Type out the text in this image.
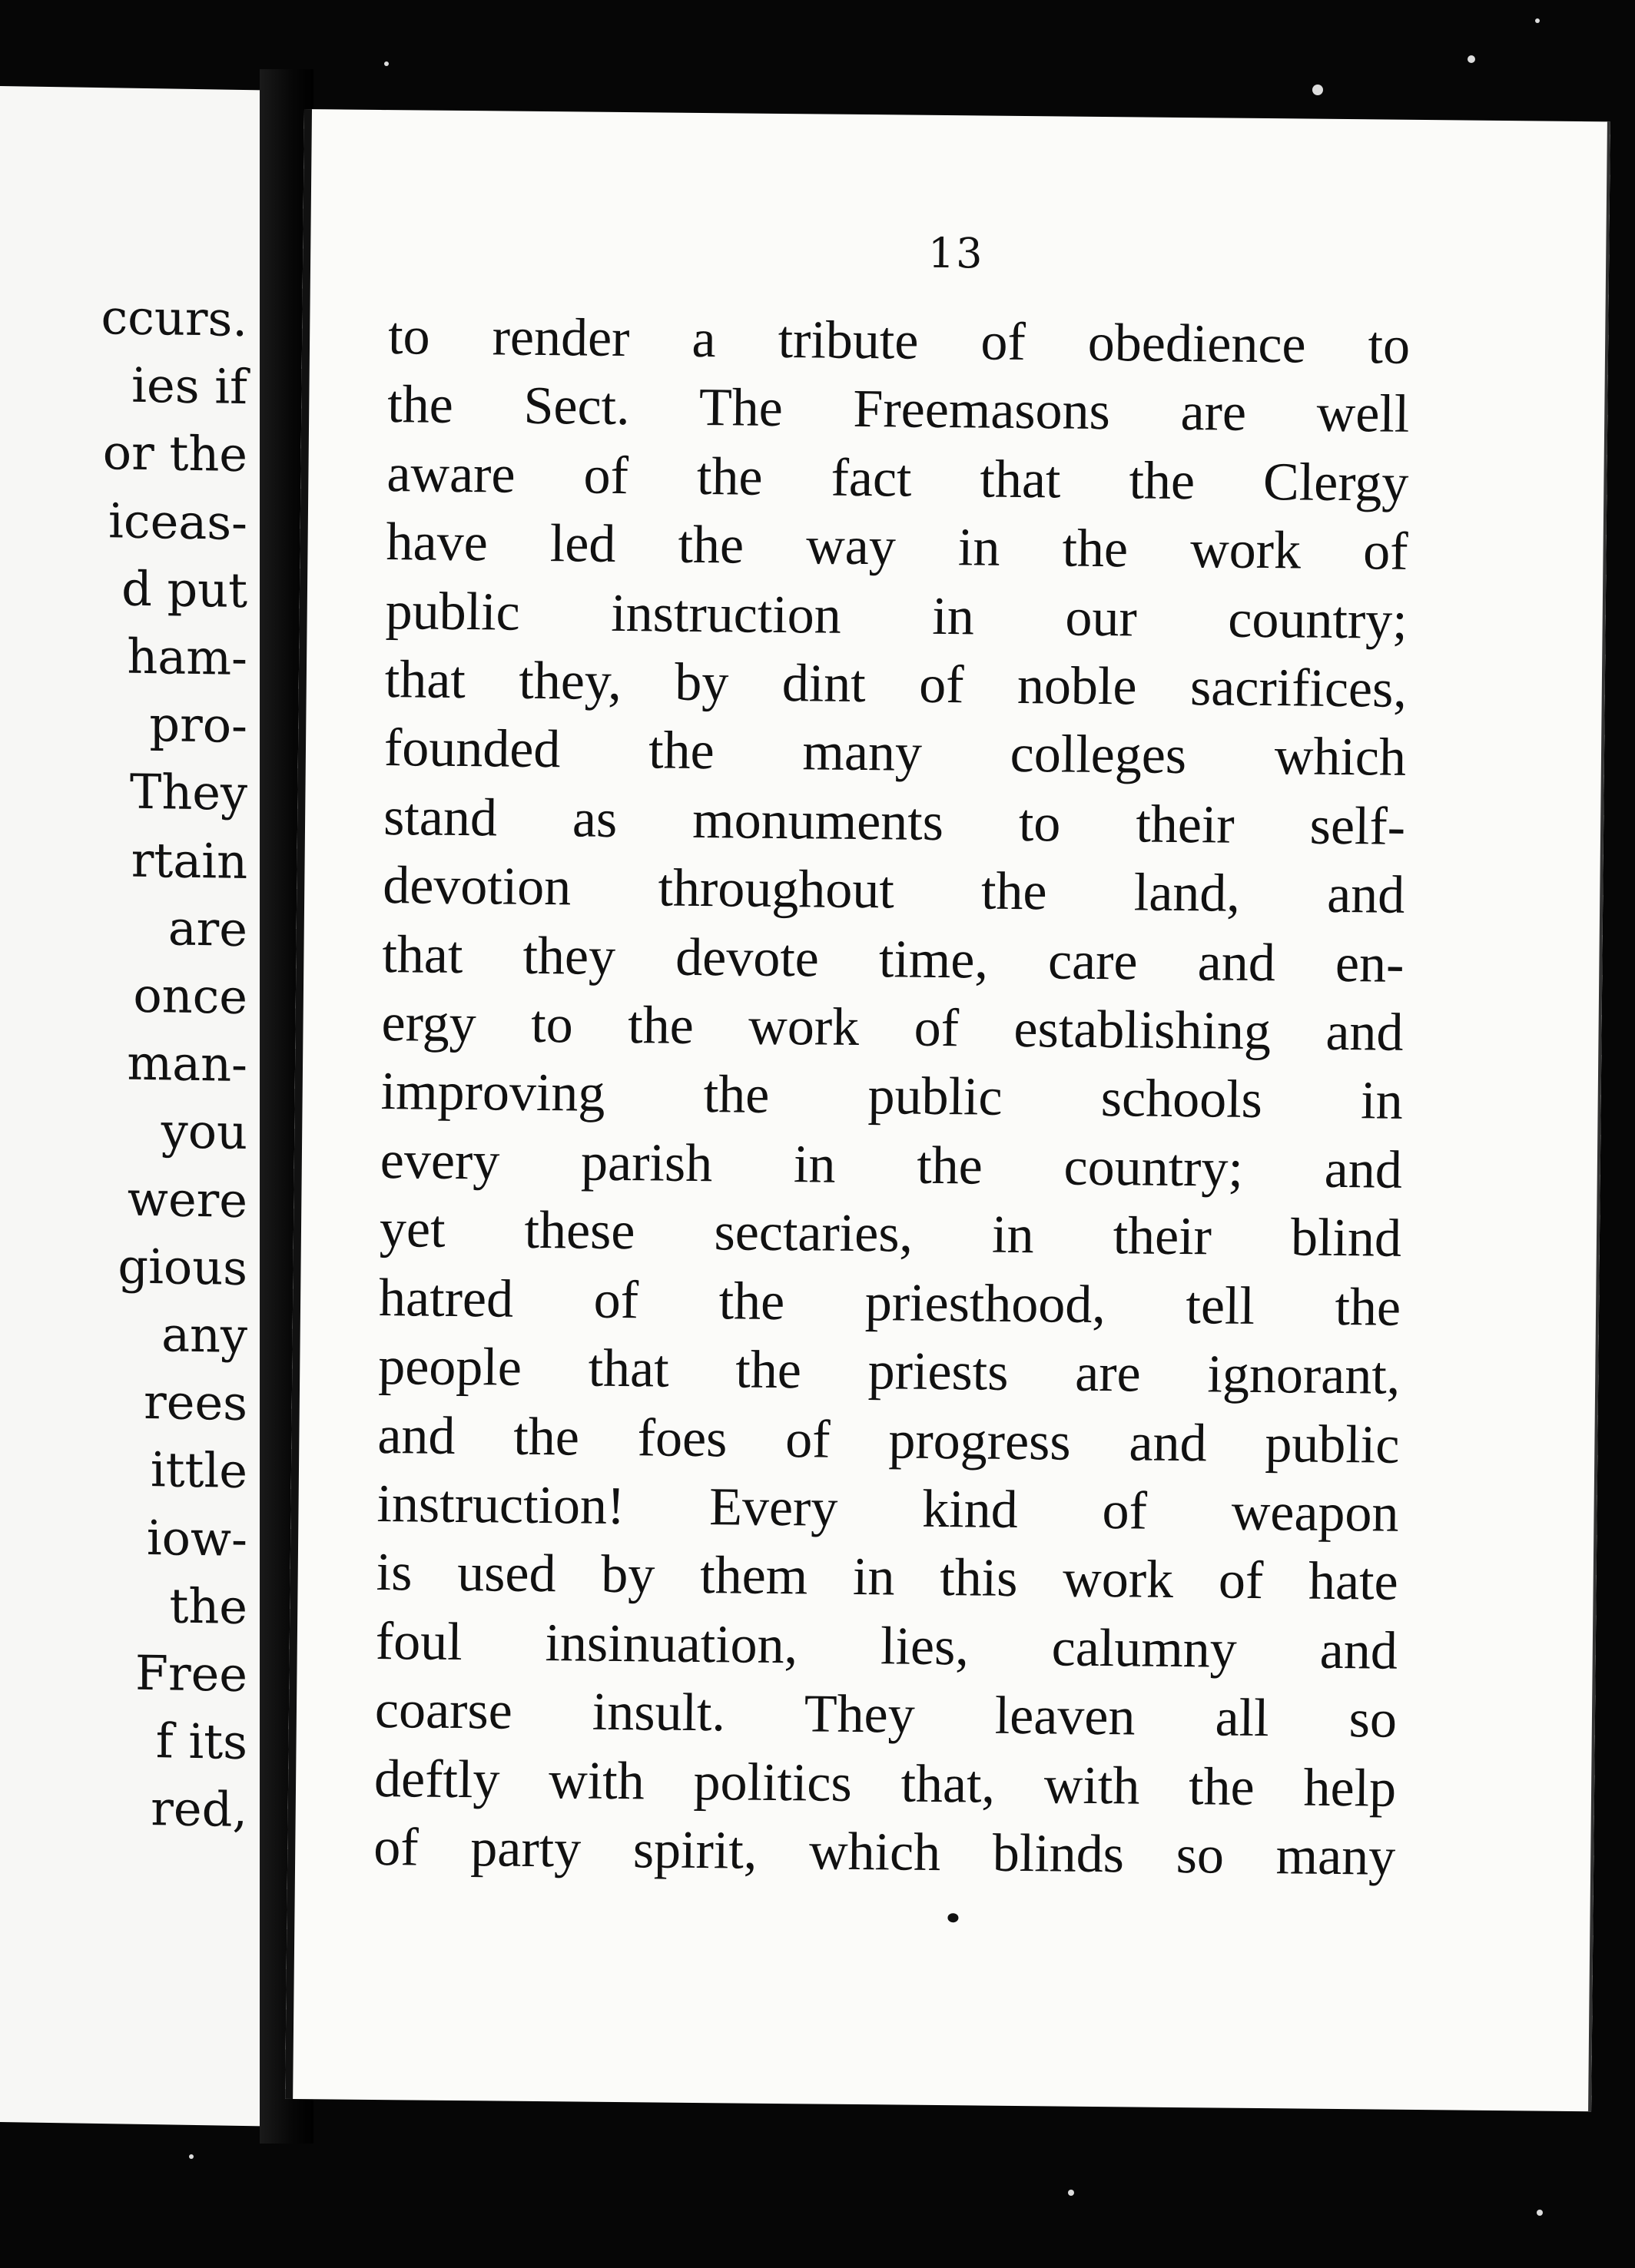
ccurs.
ies if
or the
iceas-
d put
ham-
pro-
They
rtain
are
once
man-
you
were
gious
any
rees
ittle
iow-
the
Free
f its
red,
13
to render a tribute of obedience to
the Sect. The Freemasons are well
aware of the fact that the Clergy
have led the way in the work of
public instruction in our country;
that they, by dint of noble sacrifices,
founded the many colleges which
stand as monuments to their self-
devotion throughout the land, and
that they devote time, care and en-
ergy to the work of establishing and
improving the public schools in
every parish in the country; and
yet these sectaries, in their blind
hatred of the priesthood, tell the
people that the priests are ignorant,
and the foes of progress and public
instruction! Every kind of weapon
is used by them in this work of hate
foul insinuation, lies, calumny and
coarse insult. They leaven all so
deftly with politics that, with the help
of party spirit, which blinds so many
